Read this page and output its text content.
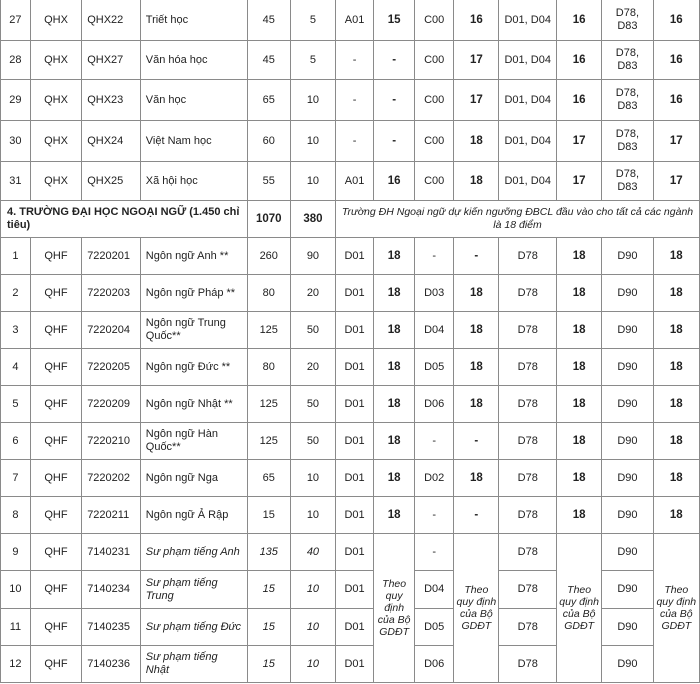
27	QHX	QHX22	Triết học	45	5	A01	15	C00	16	D01, D04	16	D78, D83	16
28	QHX	QHX27	Văn hóa học	45	5	-	-	C00	17	D01, D04	16	D78, D83	16
29	QHX	QHX23	Văn học	65	10	-	-	C00	17	D01, D04	16	D78, D83	16
30	QHX	QHX24	Việt Nam học	60	10	-	-	C00	18	D01, D04	17	D78, D83	17
31	QHX	QHX25	Xã hội học	55	10	A01	16	C00	18	D01, D04	17	D78, D83	17
4. TRƯỜNG ĐẠI HỌC NGOẠI NGỮ (1.450 chỉ tiêu)				1070	380	Trường ĐH Ngoại ngữ dự kiến ngưỡng ĐBCL đầu vào cho tất cả các ngành là 18 điểm							
1	QHF	7220201	Ngôn ngữ Anh **	260	90	D01	18	-	-	D78	18	D90	18
2	QHF	7220203	Ngôn ngữ Pháp **	80	20	D01	18	D03	18	D78	18	D90	18
3	QHF	7220204	Ngôn ngữ Trung Quốc**	125	50	D01	18	D04	18	D78	18	D90	18
4	QHF	7220205	Ngôn ngữ Đức **	80	20	D01	18	D05	18	D78	18	D90	18
5	QHF	7220209	Ngôn ngữ Nhật **	125	50	D01	18	D06	18	D78	18	D90	18
6	QHF	7220210	Ngôn ngữ Hàn Quốc**	125	50	D01	18	-	-	D78	18	D90	18
7	QHF	7220202	Ngôn ngữ Nga	65	10	D01	18	D02	18	D78	18	D90	18
8	QHF	7220211	Ngôn ngữ Ả Rập	15	10	D01	18	-	-	D78	18	D90	18
9	QHF	7140231	Sư phạm tiếng Anh	135	40	D01	Theo quy định của Bộ GDĐT	-	Theo quy định của Bộ GDĐT	D78	Theo quy định của Bộ GDĐT	D90	Theo quy định của Bộ GDĐT
10	QHF	7140234	Sư phạm tiếng Trung	15	10	D01		D04		D78		D90	
11	QHF	7140235	Sư phạm tiếng Đức	15	10	D01		D05		D78		D90	
12	QHF	7140236	Sư phạm tiếng Nhật	15	10	D01		D06		D78		D90	
